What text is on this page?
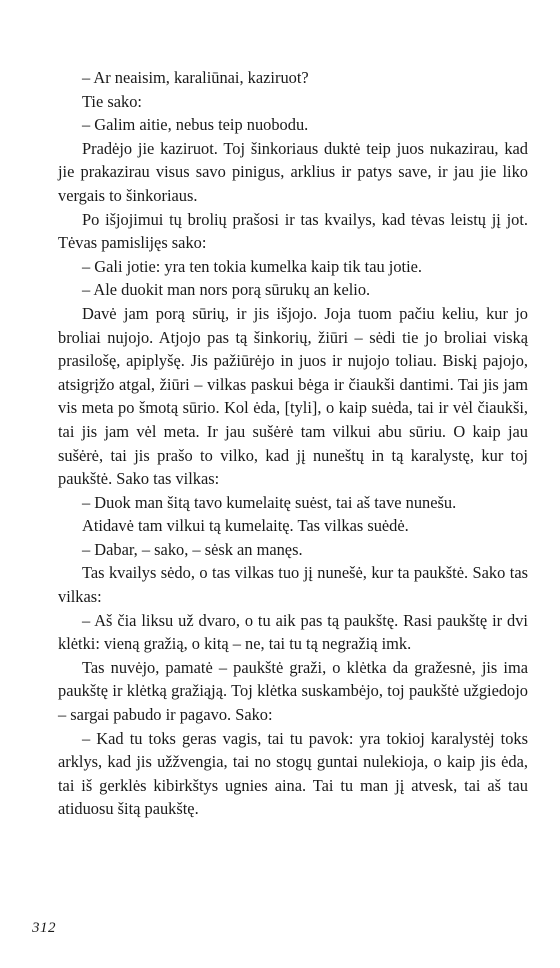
– Ar neaisim, karaliūnai, kaziruot?

Tie sako:

– Galim aitie, nebus teip nuobodu.

Pradėjo jie kaziruot. Toj šinkoriaus duktė teip juos nukazirau, kad jie prakazirau visus savo pinigus, arklius ir patys save, ir jau jie liko vergais to šinkoriaus.

Po išjojimui tų brolių prašosi ir tas kvailys, kad tėvas leistų jį jot. Tėvas pamislijęs sako:

– Gali jotie: yra ten tokia kumelka kaip tik tau jotie.

– Ale duokit man nors porą sūrukų an kelio.

Davė jam porą sūrių, ir jis išjojo. Joja tuom pačiu keliu, kur jo broliai nujojo. Atjojo pas tą šinkorių, žiūri – sėdi tie jo broliai viską prasilošę, apiplyšę. Jis pažiūrėjo in juos ir nujojo toliau. Biskį pajojo, atsigrįžo atgal, žiūri – vilkas paskui bėga ir čiaukši dantimi. Tai jis jam vis meta po šmotą sūrio. Kol ėda, [tyli], o kaip suėda, tai ir vėl čiaukši, tai jis jam vėl meta. Ir jau sušėrė tam vilkui abu sūriu. O kaip jau sušėrė, tai jis prašo to vilko, kad jį nuneštų in tą karalystę, kur toj paukštė. Sako tas vilkas:

– Duok man šitą tavo kumelaitę suėst, tai aš tave nunešu.

Atidavė tam vilkui tą kumelaitę. Tas vilkas suėdė.

– Dabar, – sako, – sėsk an manęs.

Tas kvailys sėdo, o tas vilkas tuo jį nunešė, kur ta paukštė. Sako tas vilkas:

– Aš čia liksu už dvaro, o tu aik pas tą paukštę. Rasi paukštę ir dvi klėtki: vieną gražią, o kitą – ne, tai tu tą negražią imk.

Tas nuvėjo, pamatė – paukštė graži, o klėtka da gražesnė, jis ima paukštę ir klėtką gražiąją. Toj klėtka suskambėjo, toj paukštė užgiedojo – sargai pabudo ir pagavo. Sako:

– Kad tu toks geras vagis, tai tu pavok: yra tokioj karalystėj toks arklys, kad jis užžvengia, tai no stogų guntai nulekioja, o kaip jis ėda, tai iš gerklės kibirkštys ugnies aina. Tai tu man jį atvesk, tai aš tau atiduosu šitą paukštę.

312
